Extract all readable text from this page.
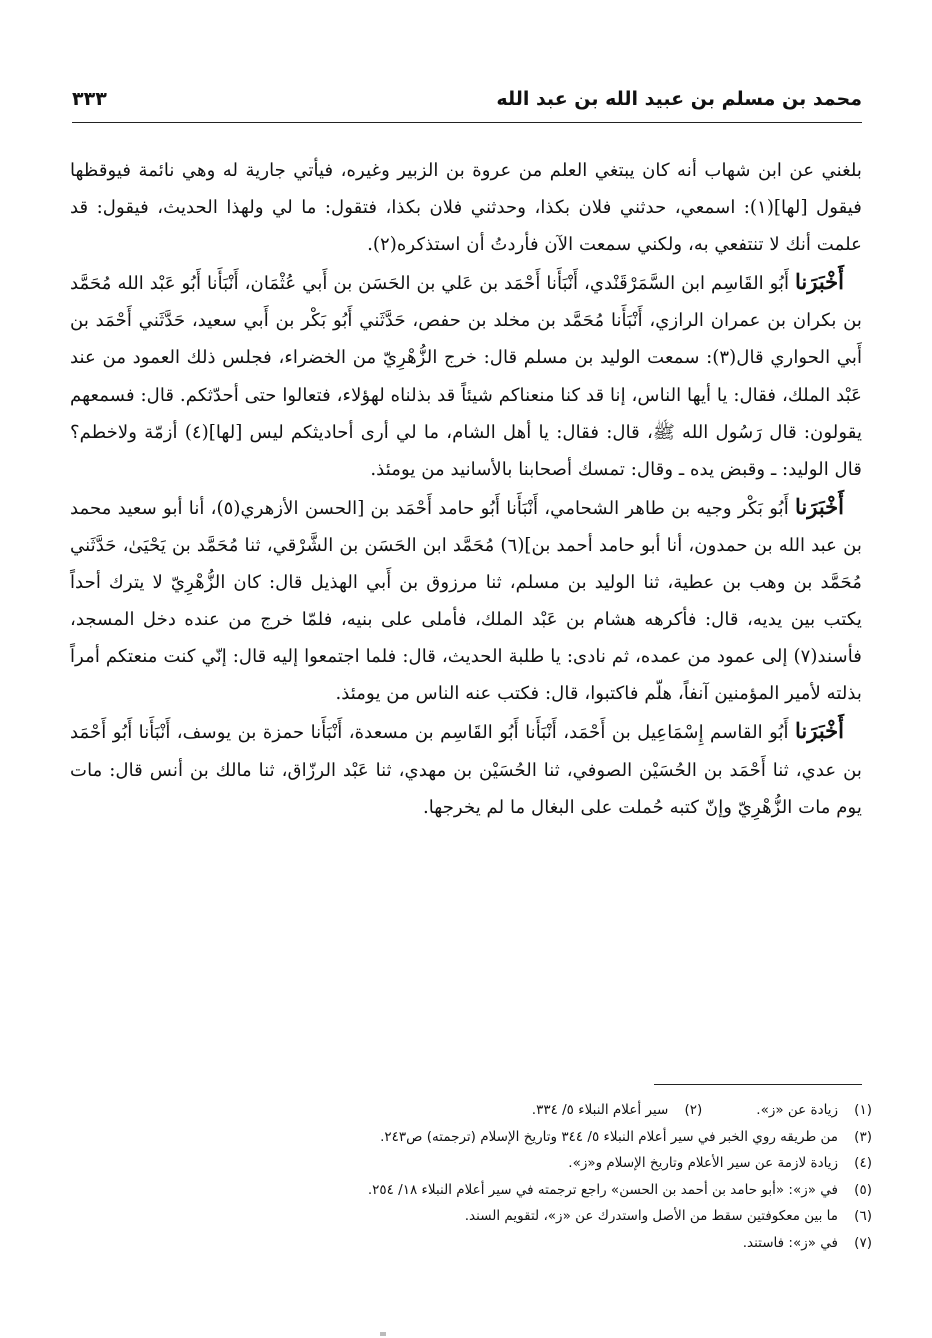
محمد بن مسلم بن عبيد الله بن عبد الله
٣٣٣

بلغني عن ابن شهاب أنه كان يبتغي العلم من عروة بن الزبير وغيره، فيأتي جارية له وهي نائمة فيوقظها فيقول [لها](١): اسمعي، حدثني فلان بكذا، وحدثني فلان بكذا، فتقول: ما لي ولهذا الحديث، فيقول: قد علمت أنك لا تنتفعي به، ولكني سمعت الآن فأردتُ أن استذكره(٢).

أَخْبَرَنا أَبُو القَاسِم ابن السَّمَرْقَنْدي، أَنْبَأَنا أَحْمَد بن عَلي بن الحَسَن بن أَبي عُثْمَان، أَنْبَأَنا أَبُو عَبْد الله مُحَمَّد بن بكران بن عمران الرازي، أَنْبَأَنا مُحَمَّد بن مخلد بن حفص، حَدَّثَني أَبُو بَكْر بن أَبي سعيد، حَدَّثَني أَحْمَد بن أَبي الحواري قال(٣): سمعت الوليد بن مسلم قال: خرج الزُّهْرِيّ من الخضراء، فجلس ذلك العمود من عند عَبْد الملك، فقال: يا أيها الناس، إنا قد كنا منعناكم شيئاً قد بذلناه لهؤلاء، فتعالوا حتى أحدّثكم. قال: فسمعهم يقولون: قال رَسُول الله ﷺ، قال: فقال: يا أهل الشام، ما لي أرى أحاديثكم ليس [لها](٤) أزمّة ولاخطم؟ قال الوليد: ـ وقبض يده ـ وقال: تمسك أصحابنا بالأسانيد من يومئذ.

أَخْبَرَنا أَبُو بَكْر وجيه بن طاهر الشحامي، أَنْبَأَنا أَبُو حامد أَحْمَد بن [الحسن الأزهري(٥)، أنا أبو سعيد محمد بن عبد الله بن حمدون، أنا أبو حامد أحمد بن](٦) مُحَمَّد ابن الحَسَن بن الشَّرْقي، ثنا مُحَمَّد بن يَحْيَىٰ، حَدَّثَني مُحَمَّد بن وهب بن عطية، ثنا الوليد بن مسلم، ثنا مرزوق بن أَبي الهذيل قال: كان الزُّهْرِيّ لا يترك أحداً يكتب بين يديه، قال: فأكرهه هشام بن عَبْد الملك، فأملى على بنيه، فلمّا خرج من عنده دخل المسجد، فأسند(٧) إلى عمود من عمده، ثم نادى: يا طلبة الحديث، قال: فلما اجتمعوا إليه قال: إنّي كنت منعتكم أمراً بذلته لأمير المؤمنين آنفاً، هلّم فاكتبوا، قال: فكتب عنه الناس من يومئذ.

أَخْبَرَنا أَبُو القاسم إِسْمَاعِيل بن أَحْمَد، أَنْبَأَنا أَبُو القَاسِم بن مسعدة، أَنْبَأَنا حمزة بن يوسف، أَنْبَأَنا أَبُو أَحْمَد بن عدي، ثنا أَحْمَد بن الحُسَيْن الصوفي، ثنا الحُسَيْن بن مهدي، ثنا عَبْد الرزّاق، ثنا مالك بن أنس قال: مات يوم مات الزُّهْرِيّ وإنّ كتبه حُملت على البغال ما لم يخرجها.

(١)زيادة عن «ز».(٢)سير أعلام النبلاء ٥/ ٣٣٤.
(٣)من طريقه روي الخبر في سير أعلام النبلاء ٥/ ٣٤٤ وتاريخ الإسلام (ترجمته) ص٢٤٣.
(٤)زيادة لازمة عن سير الأعلام وتاريخ الإسلام و«ز».
(٥)في «ز»: «أبو حامد بن أحمد بن الحسن» راجع ترجمته في سير أعلام النبلاء ١٨/ ٢٥٤.
(٦)ما بين معكوفتين سقط من الأصل واستدرك عن «ز»، لتقويم السند.
(٧)في «ز»: فاستند.
